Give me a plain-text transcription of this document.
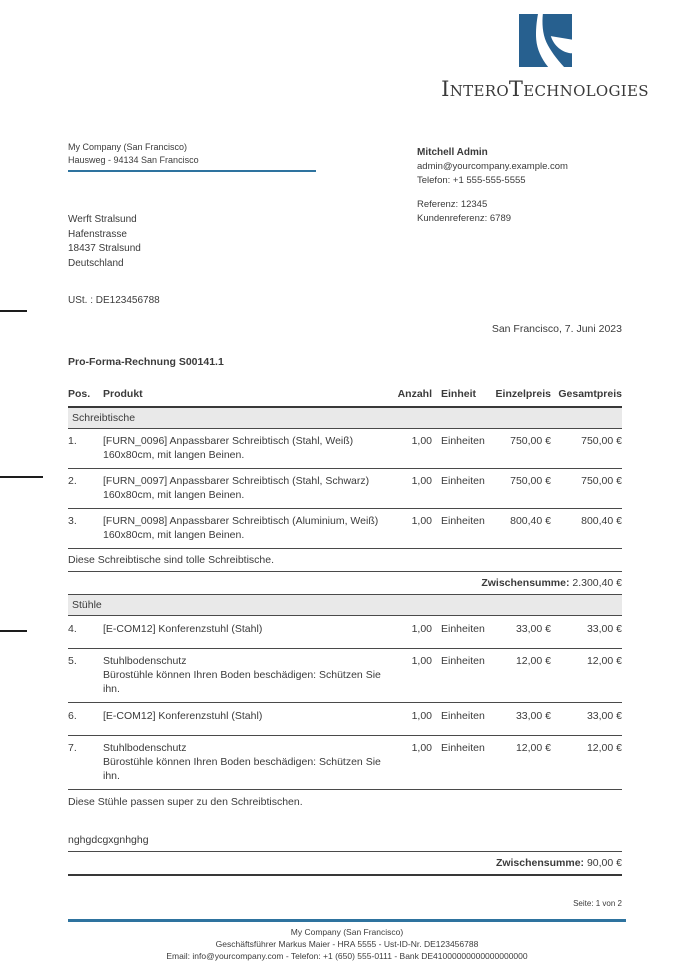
INTEROTECHNOLOGIES
My Company (San Francisco)
Hausweg - 94134 San Francisco
Mitchell Admin
admin@yourcompany.example.com
Telefon: +1 555-555-5555
Referenz: 12345
Kundenreferenz: 6789
Werft Stralsund
Hafenstrasse
18437 Stralsund
Deutschland
USt. : DE123456788
San Francisco, 7. Juni 2023
Pro-Forma-Rechnung S00141.1
Pos.	Produkt	Anzahl Einheit	Einzelpreis Gesamtpreis
Schreibtische
1.	[FURN_0096] Anpassbarer Schreibtisch (Stahl, Weiß)
160x80cm, mit langen Beinen.
1,00 Einheiten	750,00 €	750,00 €
2.	[FURN_0097] Anpassbarer Schreibtisch (Stahl, Schwarz)
160x80cm, mit langen Beinen.
1,00 Einheiten	750,00 €	750,00 €
3.	[FURN_0098] Anpassbarer Schreibtisch (Aluminium, Weiß)
160x80cm, mit langen Beinen.
1,00 Einheiten	800,40 €	800,40 €
Diese Schreibtische sind tolle Schreibtische.
Zwischensumme: 2.300,40 €
Stühle
4.	[E-COM12] Konferenzstuhl (Stahl)	1,00 Einheiten	33,00 €	33,00 €
5.	Stuhlbodenschutz
Bürostühle können Ihren Boden beschädigen: Schützen Sie ihn.
1,00 Einheiten	12,00 €	12,00 €
6.	[E-COM12] Konferenzstuhl (Stahl)	1,00 Einheiten	33,00 €	33,00 €
7.	Stuhlbodenschutz
Bürostühle können Ihren Boden beschädigen: Schützen Sie ihn.
1,00 Einheiten	12,00 €	12,00 €
Diese Stühle passen super zu den Schreibtischen.
nghgdcgxgnhghg
Zwischensumme: 90,00 €
Seite: 1 von 2
My Company (San Francisco)
Geschäftsführer Markus Maier - HRA 5555 - Ust-ID-Nr. DE123456788
Email: info@yourcompany.com - Telefon: +1 (650) 555-0111 - Bank DE41000000000000000000
